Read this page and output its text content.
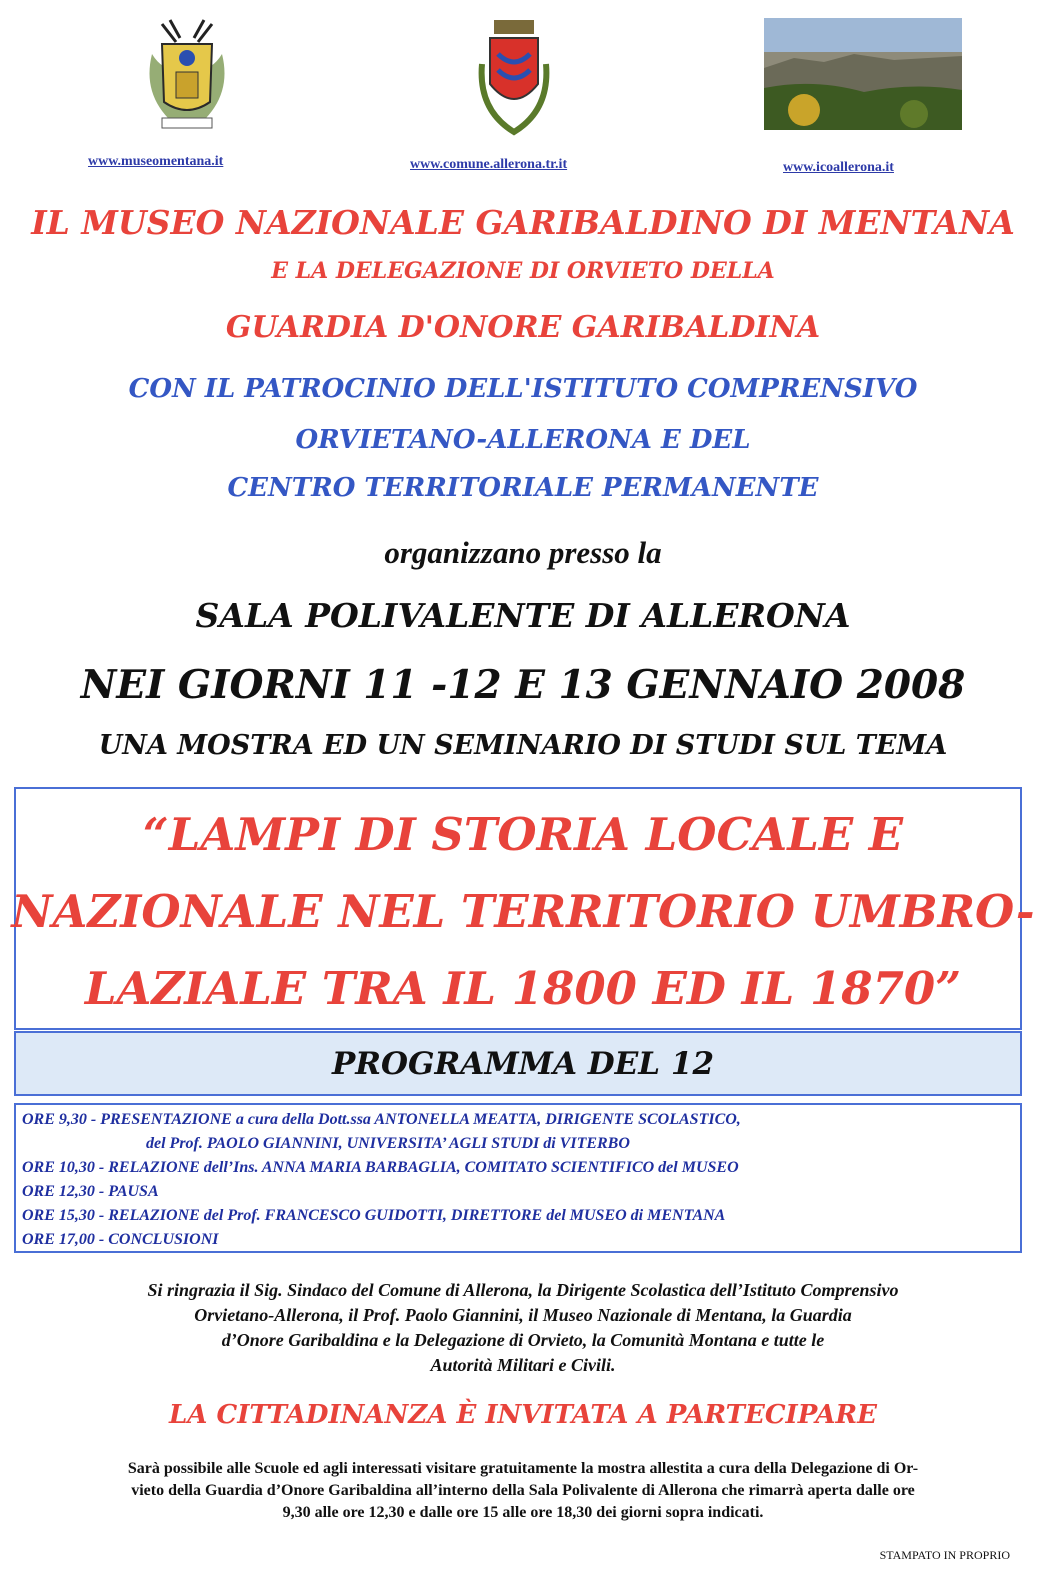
www.museomentana.it	www.comune.allerona.tr.it	www.icoallerona.it
IL MUSEO NAZIONALE GARIBALDINO DI MENTANA
E LA DELEGAZIONE DI ORVIETO DELLA
GUARDIA D'ONORE GARIBALDINA
CON IL PATROCINIO DELL'ISTITUTO COMPRENSIVO
ORVIETANO-ALLERONA E DEL
CENTRO TERRITORIALE PERMANENTE
organizzano presso la
SALA POLIVALENTE DI ALLERONA
NEI GIORNI 11 -12 E 13 GENNAIO 2008
UNA MOSTRA ED UN SEMINARIO DI STUDI SUL TEMA
“LAMPI DI STORIA LOCALE E
NAZIONALE NEL TERRITORIO UMBRO-
LAZIALE TRA IL 1800 ED IL 1870”
PROGRAMMA DEL 12
ORE 9,30 - PRESENTAZIONE a cura della Dott.ssa ANTONELLA MEATTA, DIRIGENTE SCOLASTICO,
del Prof. PAOLO GIANNINI, UNIVERSITA’ AGLI STUDI di VITERBO
ORE 10,30 - RELAZIONE dell’Ins. ANNA MARIA BARBAGLIA, COMITATO SCIENTIFICO del MUSEO
ORE 12,30 - PAUSA
ORE 15,30 - RELAZIONE del Prof. FRANCESCO GUIDOTTI, DIRETTORE del MUSEO di MENTANA
ORE 17,00 - CONCLUSIONI
Si ringrazia il Sig. Sindaco del Comune di Allerona, la Dirigente Scolastica dell’Istituto Comprensivo
Orvietano-Allerona, il Prof. Paolo Giannini, il Museo Nazionale di Mentana, la Guardia
d’Onore Garibaldina e la Delegazione di Orvieto, la Comunità Montana e tutte le
Autorità Militari e Civili.
LA CITTADINANZA È INVITATA A PARTECIPARE
Sarà possibile alle Scuole ed agli interessati visitare gratuitamente la mostra allestita a cura della Delegazione di Or-
vieto della Guardia d’Onore Garibaldina all’interno della Sala Polivalente di Allerona che rimarrà aperta dalle ore
9,30 alle ore 12,30 e dalle ore 15 alle ore 18,30 dei giorni sopra indicati.
STAMPATO IN PROPRIO
